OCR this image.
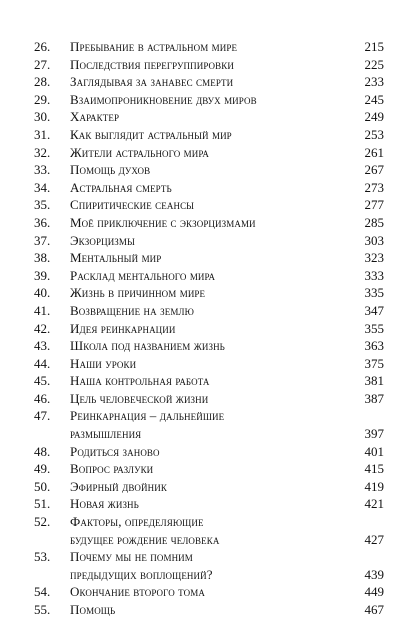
26.	Пребывание в астральном мире	215
27.	Последствия перегруппировки	225
28.	Заглядывая за занавес смерти	233
29.	Взаимопроникновение двух миров	245
30.	Характер	249
31.	Как выглядит астральный мир	253
32.	Жители астрального мира	261
33.	Помощь духов	267
34.	Астральная смерть	273
35.	Спиритические сеансы	277
36.	Моё приключение с экзорцизмами	285
37.	Экзорцизмы	303
38.	Ментальный мир	323
39.	Расклад ментального мира	333
40.	Жизнь в причинном мире	335
41.	Возвращение на землю	347
42.	Идея реинкарнации	355
43.	Школа под названием жизнь	363
44.	Наши уроки	375
45.	Наша контрольная работа	381
46.	Цель человеческой жизни	387
47.	Реинкарнация – дальнейшие
размышления	397
48.	Родиться заново	401
49.	Вопрос разлуки	415
50.	Эфирный двойник	419
51.	Новая жизнь	421
52.	Факторы, определяющие
будущее рождение человека	427
53.	Почему мы не помним
предыдущих воплощений?	439
54.	Окончание второго тома	449
55.	Помощь	467
